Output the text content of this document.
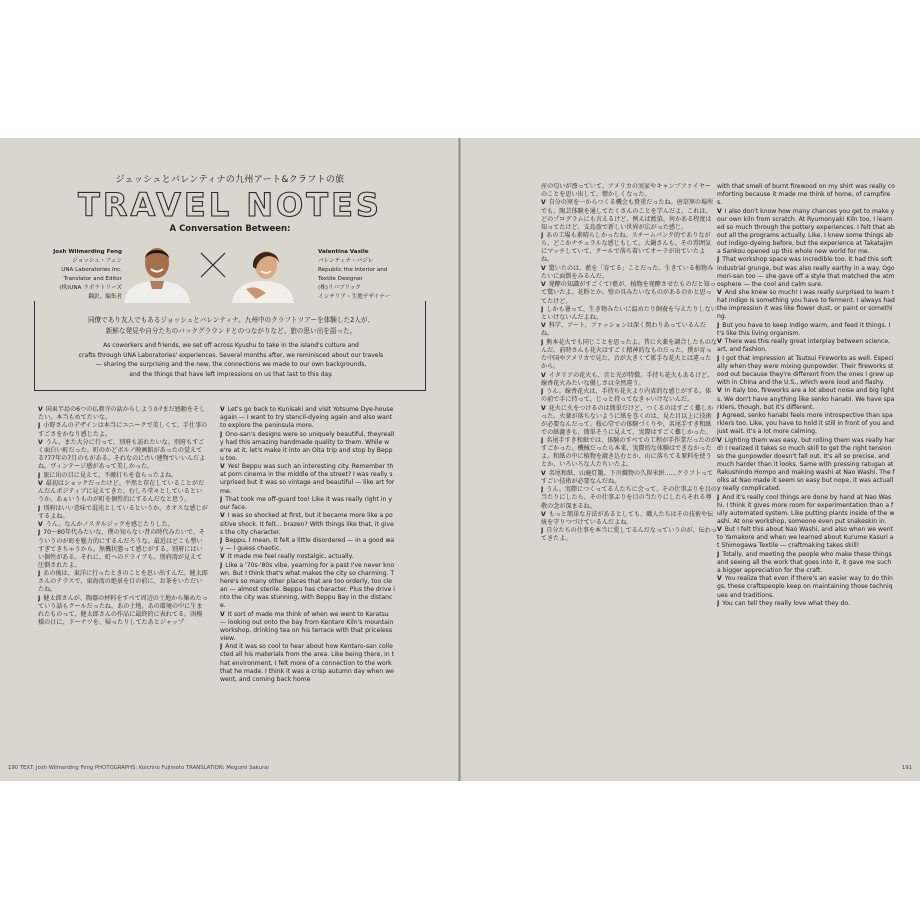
ジェッシュとバレンティナの九州アート&クラフトの旅
TRAVEL NOTES
A Conversation Between:
Josh Wilmerding Feng
ジョッシュ・フェン
UNA Laboratories Inc.
Translator and Editor
(株)UNA ラボラトリーズ
翻訳、編集者
Valentina Vasile
バレンティナ・バジレ
Republic the Interior and
Textile Designer
(株)リパブリック
インテリア・生地デザイナー
同僚であり友人でもあるジョッシュとバレンティナ。九州中のクラフトツアーを体験した2人が、
新鮮な発見や自分たちのバックグラウンドとのつながりなど、旅の思い出を語った。
As coworkers and friends, we set off across Kyushu to take in the island's culture and
crafts through UNA Laboratories' experiences. Several months after, we reminisced about our travels
— sharing the surprising and the new, the connections we made to our own backgrounds,
and the things that have left impressions on us that last to this day.

V 国東半島の6つの仏教寺の話からしようか?まだ感動をそしたい。本当もめてたいな。

J 小野さんのデザインは本当にユニークで美しくて、手仕事のすごさをかなり感じたよ。

V うん、また大分に行って、別府も訪れたいな。別府もすごく面白い町だった。町のかどボルノ映画館があったの覚えてる?77年の7月のもがある。それなのに古い建物でいいんだよね。ヴィンテージ感があって美しかった。

J 旅に出の目に見えて、不敵打ちを食らったよね。

V 最初はショックだったけど、平然と存在していることがだんだんポジティブに見えてきた。むしろ堂々としているというか、あぁいうものが町を個性的にするんだなと思う。

J 別府はいい意味で混沌としているというか、カオスな感じがするよね。

V うん。なんかノスタルジックを感じたりした。

J 70〜80年代みたいな、僕の知らない昔の時代みたいで、そういうのが町を魅力的にするんだろうな。最近はどこも整いすぎてきちゃうから。無機状態って感じがする。別府にはいい個性がある。それに、町へのドライブも、別府湾が見えて圧倒されたよ。

J あの後は、東洋に行ったときのことを思い出すんだ。健太郎さんのテラスで、東海湾の絶景を目の前に、お茶をいただいたね。

J 健太郎さんが、陶器の材料をすべて周辺の土地から集めたっていう話もクールだったね。あの土地、あの環境の中に生まれたものって、健太郎さんの作品に最終的に表れてる。雨模様の日に、ドーナツを、帰ったりしてたあとジャップ

V Let's go back to Kunisaki and visit Yotsume Dye-house again — I want to try stencil-dyeing again and also want to explore the peninsula more.

J Ono-san's designs were so uniquely beautiful, theyreally had this amazing handmade quality to them. While we're at it, let's make it into an Oita trip and stop by Beppu too.

V Yes! Beppu was such an interesting city. Remember that porn cinema in the middle of the street? I was really surprised but it was so vintage and beautiful — like art for me.

J That took me off-guard too! Like it was really right in your face.

V I was so shocked at first, but it became more like a positive shock. It felt... brazen? With things like that, it gives the city character.

J Beppu, I mean, it felt a little disordered — in a good way — I guess chaotic.

V It made me feel really nostalgic, actually.

J Like a '70s-'80s vibe, yearning for a past I've never known. But I think that's what makes the city so charming. There's so many other places that are too orderly, too clean — almost sterile. Beppu has character. Plus the drive into the city was stunning, with Beppu Bay in the distance.

V It sort of made me think of when we went to Karatsu — looking out onto the bay from Kentaro Kiln's mountain workshop, drinking tea on his terrace with that priceless view.

J And it was so cool to hear about how Kentaro-san collected all his materials from the area. Like being there, in that environment, I felt more of a connection to the work that he made. I think it was a crisp autumn day when we went, and coming back home

190 TEXT: Josh Wilmerding Feng PHOTOGRAPHS: Koichiro Fujimoto TRANSLATION: Megumi Sakurai

産の匂いが漂っていて、アメリカの実家やキャンプファイヤーのことを思い出して、懐かしくなった。

V 自分の窯を一からつくる機会も貴重だったね。唐草窯の場所でも、陶芸体験を通してたくさんのことを学んだよ。これは、どのプログラムにも言えるけど、例えば藍染、何かある程度は知ってたけど、支島旅で新しい世界が広がった感じ。

J あの工場も素晴らしかったね。スチームパンク的でありながら、どこかナチュラルな感じもして。大鍋さんも、その雰囲気にマッチしていて、クールで落ち着いてオーラが出ていたよね。

V 驚いたのは、藍を「育てる」ことだった。生きている植物みたいに面倒をみるんだ。

V 発酵の知識がすごくて!藍が、植物を発酵させたものだと知って驚いたよ。花粉とか、壁の具みたいなものがあるのかと思ってたけど。

J しかも暑って、生き物みたいに温めたり飼養を与えたりしないといけないんだよね。

V 科学、アート、ファッションは深く関わりあっているんだね。

J 熊本花火でも同じことを思ったよ。昔に火薬を調合したものなんだ。前時さんも花火はすごく精神的なものだった。僕が育った中国やアメリカで見た、音が大きくて派手な花火とは違ったから。

V イタリアの花火も、音と光が特徴。手持ち花火もあるけど、線香花火みたいな優しさは全然違う。

J うん。線香花火は、手持ち花火より内省的な感じがする。体の前で手に持って、じっと持ってなきゃいけないんだ。

V 花火に火をつけるのは簡単だけど、つくるのはすごく難しかった。火薬が落ちないように紙を巻くのは、見た目以上に技術が必要なんだって。桜心堂での体験づくりや、名尾手すき和紙での紙漉きも、簡単そうに見えて、実際はすごく難しかった。

J 名尾手すき和紙では、体験のすべての工程が手作業だったのがすごかった。機械だったら本来、実際的な体験はできなかったよ。和紙の中に植物を漉き込むとか、山に落ちてる原料を使うとか、いろいろな人たちいたよ。

V 名尾和紙、山鹿灯籠、下川織物の久留米絣……クラフトってすごい技術が必要なんだね。

J うん。実際につくってる人たちに会って、その仕事ぶりを目の当たりにしたら、その仕事ぶりを目の当たりにしたらそれる尊敬の念が深まるね。

V もっと簡単な方法があるとしても、職人たちはその技術や伝統を守りつづけているんだよね。

J 自分たちの仕事を本当に愛してるんだなっていうのが、伝わってきたよ。

with that smell of burnt firewood on my shirt was really comforting because it made me think of home, of campfires.

V I also don't know how many chances you get to make your own kiln from scratch. At Ryumonyaki Kiln too, I learned so much through the pottery experiences. I felt that about all the programs actually. Like, I knew some things about indigo-dyeing before, but the experience at Takatajima Sankou opened up this whole new world for me.

J That workshop space was incredible too. It had this soft industrial grunge, but was also really earthy in a way. Ogomori-san too — she gave off a style that matched the atmosphere — the cool and calm sure.

V And she knew so much! I was really surprised to learn that indigo is something you have to ferment. I always had the impression it was like flower dust, or paint or something.

J But you have to keep indigo warm, and feed it things. It's like this living organism.

V There was this really great interplay between science, art, and fashion.

J I got that impression at Tsutsui Fireworks as well. Especially when they were mixing gunpowder. Their fireworks stood out because they're different from the ones I grew up with in China and the U.S., which were loud and flashy.

V In Italy too, fireworks are a lot about noise and big lights. We don't have anything like senko hanabi. We have sparklers, though, but it's different.

J Agreed, senko hanabi feels more introspective than sparklers too. Like, you have to hold it still in front of you and just wait. It's a lot more calming.

V Lighting them was easy, but rolling them was really hard! I realized it takes so much skill to get the right tension so the gunpowder doesn't fall out. It's all so precise, and much harder than it looks. Same with pressing ratugan at Rakushindo Hompo and making washi at Nao Washi. The folks at Nao made it seem so easy but nope, it was actually really complicated.

J And it's really cool things are done by hand at Nao Washi. I think it gives more room for experimentation than a fully automated system. Like putting plants inside of the washi. At one workshop, someone even put snakeskin in.

V But I felt this about Nao Washi, and also when we went to Yamakore and when we learned about Kurume Kasuri at Shimogawa Textile — craftmaking takes skill!

J Totally, and meeting the people who make these things and seeing all the work that goes into it, it gave me such a bigger appreciation for the craft.

V You realize that even if there's an easier way to do things, these craftspeople keep on maintaining those techniques and traditions.

J You can tell they really love what they do.

191
